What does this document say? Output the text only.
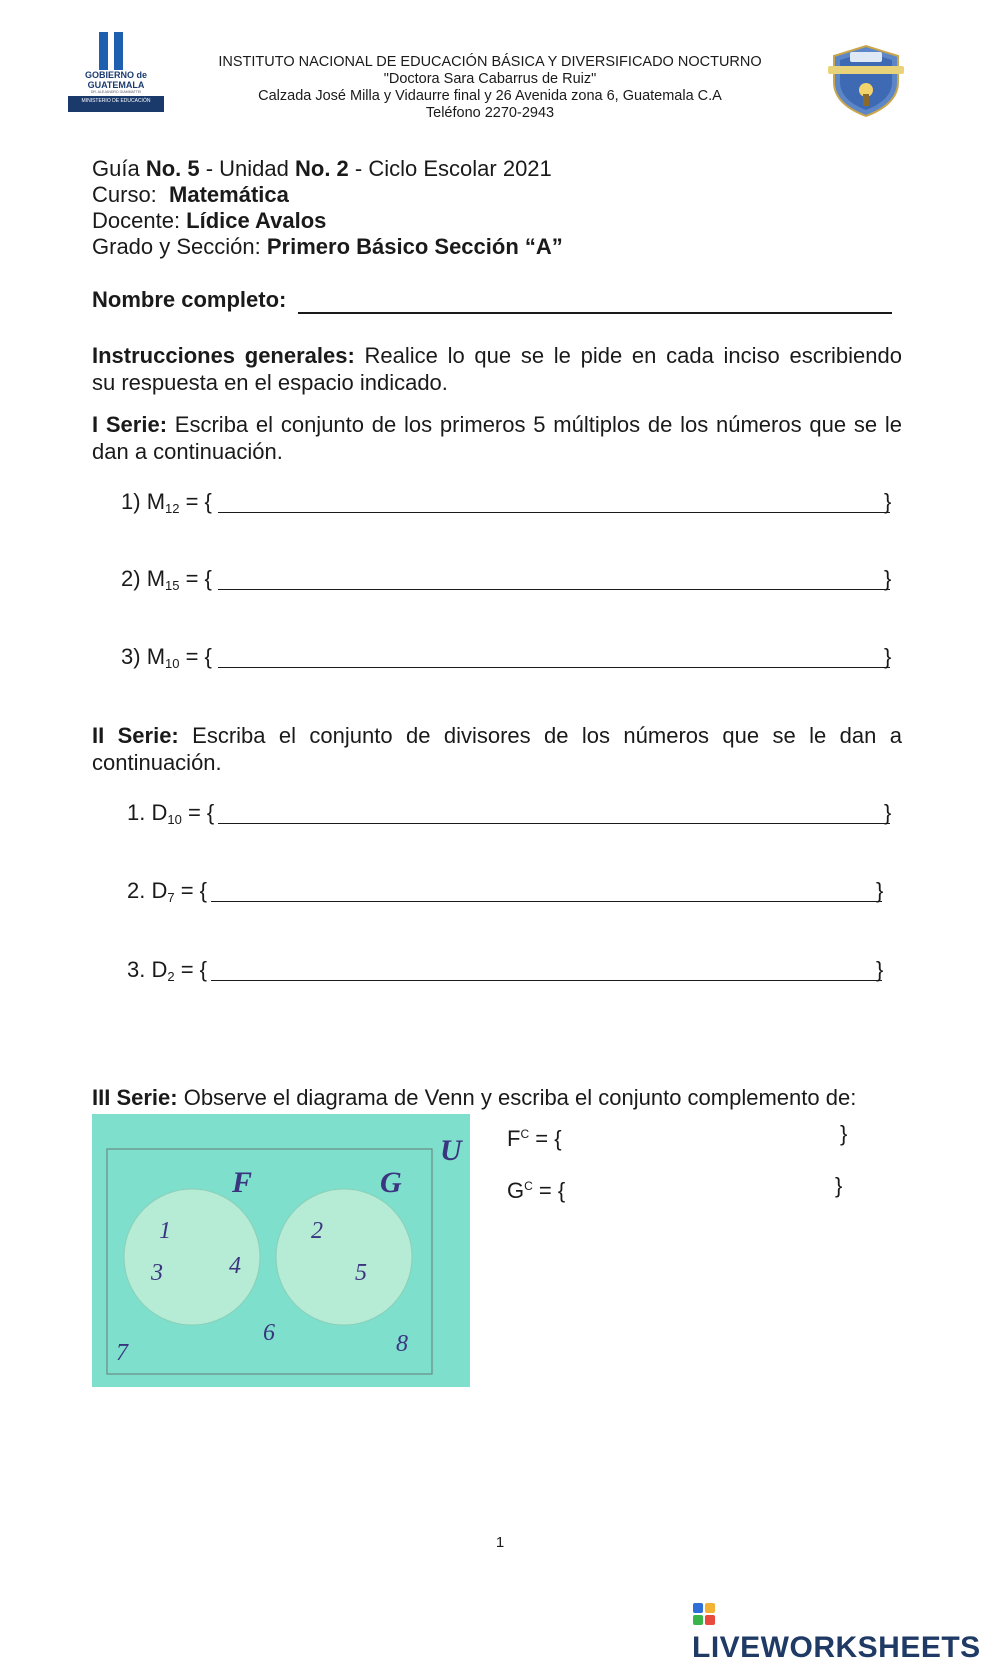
GOBIERNO de
GUATEMALA
DR. ALEJANDRO GIAMMATTEI
MINISTERIO DE EDUCACIÓN
INSTITUTO NACIONAL DE EDUCACIÓN BÁSICA Y DIVERSIFICADO NOCTURNO
"Doctora Sara Cabarrus de Ruiz"
Calzada José Milla y Vidaurre final y 26 Avenida zona 6, Guatemala C.A
Teléfono 2270-2943
Guía No. 5 - Unidad No. 2 - Ciclo Escolar 2021
Curso:  Matemática
Docente: Lídice Avalos
Grado y Sección: Primero Básico Sección “A”
Nombre completo:
Instrucciones generales: Realice lo que se le pide en cada inciso escribiendo
su respuesta en el espacio indicado.
I Serie: Escriba el conjunto de los primeros 5 múltiplos de los números que se le
dan a continuación.
1) $M_{12}$ = {	}
2) $M_{15}$ = {	}
3) $M_{10}$ = {	}
II Serie: Escriba el conjunto de divisores de los números que se le dan a
continuación.
1. $D_{10}$ = {	}
2. $D_7$ = {	}
3. $D_2$ = {	}
III Serie: Observe el diagrama de Venn y escriba el conjunto complemento de:
U
F	G
1
3	4
2
5
6
7	8
$F^C$ = {	}
$G^C$ = {	}
1
LIVEWORKSHEETS
